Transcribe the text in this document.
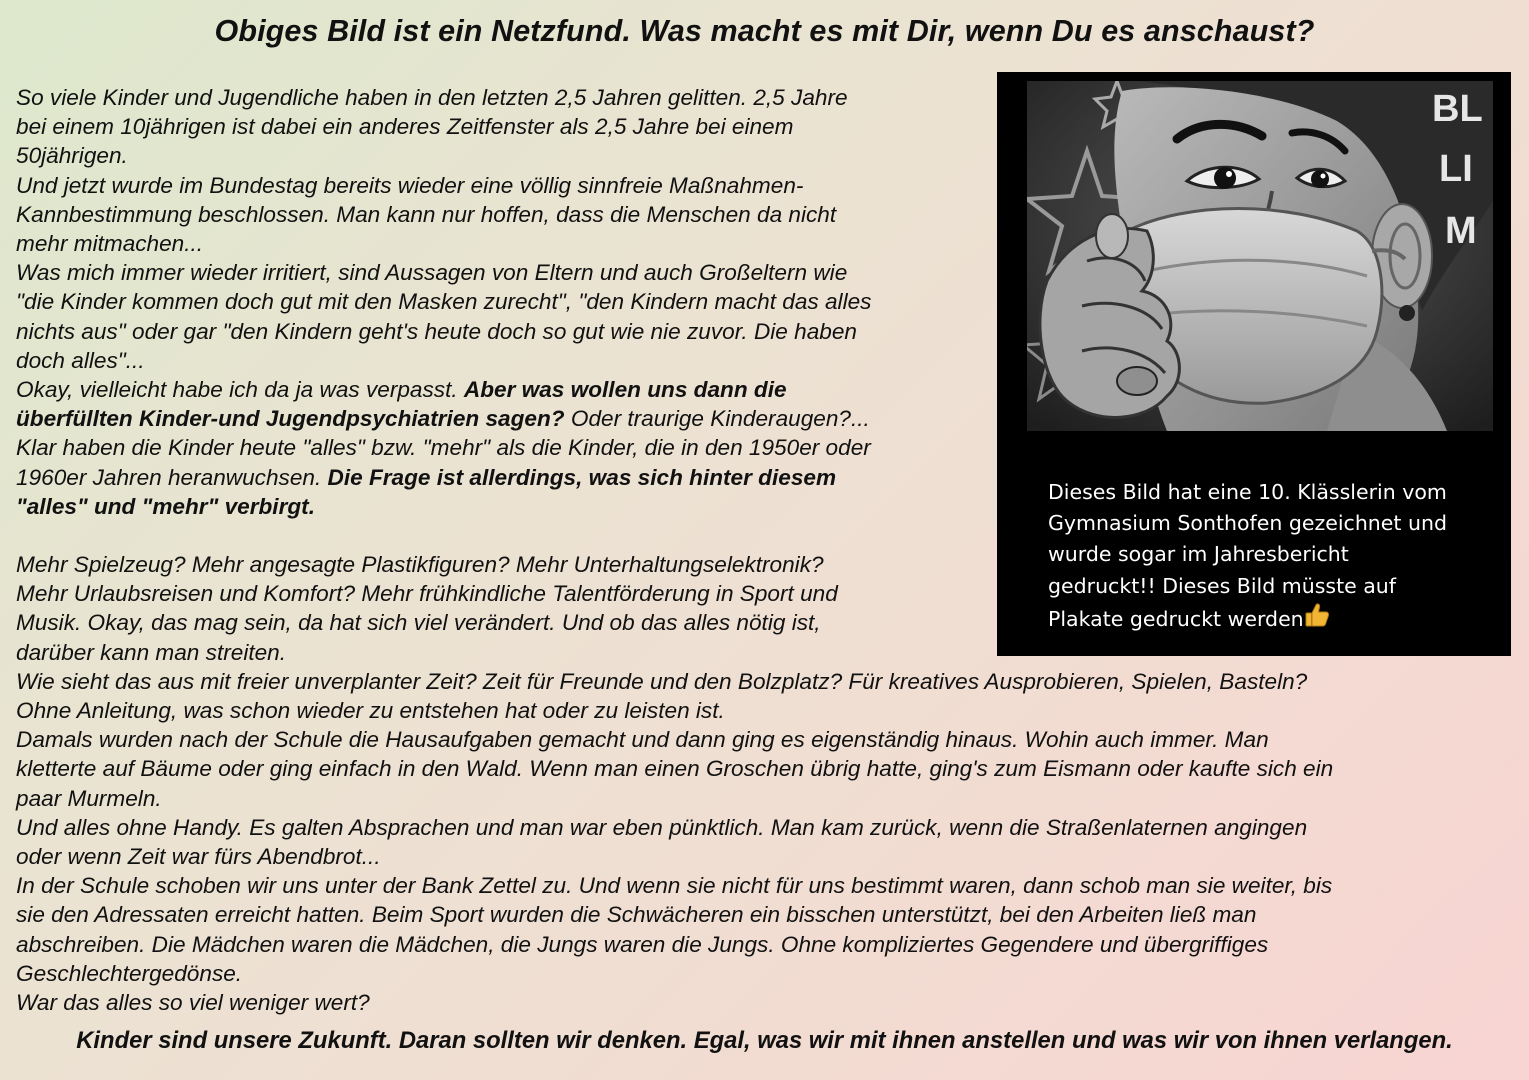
Obiges Bild ist ein Netzfund. Was macht es mit Dir, wenn Du es anschaust?
So viele Kinder und Jugendliche haben in den letzten 2,5 Jahren gelitten. 2,5 Jahre
bei einem 10jährigen ist dabei ein anderes Zeitfenster als 2,5 Jahre bei einem
50jährigen.
Und jetzt wurde im Bundestag bereits wieder eine völlig sinnfreie Maßnahmen-
Kannbestimmung beschlossen. Man kann nur hoffen, dass die Menschen da nicht
mehr mitmachen...
Was mich immer wieder irritiert, sind Aussagen von Eltern und auch Großeltern wie
"die Kinder kommen doch gut mit den Masken zurecht", "den Kindern macht das alles
nichts aus" oder gar "den Kindern geht's heute doch so gut wie nie zuvor. Die haben
doch alles"...
Okay, vielleicht habe ich da ja was verpasst. Aber was wollen uns dann die
überfüllten Kinder-und Jugendpsychiatrien sagen? Oder traurige Kinderaugen?...
Klar haben die Kinder heute "alles" bzw. "mehr" als die Kinder, die in den 1950er oder
1960er Jahren heranwuchsen. Die Frage ist allerdings, was sich hinter diesem
"alles" und "mehr" verbirgt.
BL
LI
M
Dieses Bild hat eine 10. Klässlerin vom
Gymnasium Sonthofen gezeichnet und
wurde sogar im Jahresbericht
gedruckt!! Dieses Bild müsste auf
Plakate gedruckt werden
Mehr Spielzeug? Mehr angesagte Plastikfiguren? Mehr Unterhaltungselektronik?
Mehr Urlaubsreisen und Komfort? Mehr frühkindliche Talentförderung in Sport und
Musik. Okay, das mag sein, da hat sich viel verändert. Und ob das alles nötig ist,
darüber kann man streiten.
Wie sieht das aus mit freier unverplanter Zeit? Zeit für Freunde und den Bolzplatz? Für kreatives Ausprobieren, Spielen, Basteln?
Ohne Anleitung, was schon wieder zu entstehen hat oder zu leisten ist.
Damals wurden nach der Schule die Hausaufgaben gemacht und dann ging es eigenständig hinaus. Wohin auch immer. Man
kletterte auf Bäume oder ging einfach in den Wald. Wenn man einen Groschen übrig hatte, ging's zum Eismann oder kaufte sich ein
paar Murmeln.
Und alles ohne Handy. Es galten Absprachen und man war eben pünktlich. Man kam zurück, wenn die Straßenlaternen angingen
oder wenn Zeit war fürs Abendbrot...
In der Schule schoben wir uns unter der Bank Zettel zu. Und wenn sie nicht für uns bestimmt waren, dann schob man sie weiter, bis
sie den Adressaten erreicht hatten. Beim Sport wurden die Schwächeren ein bisschen unterstützt, bei den Arbeiten ließ man
abschreiben. Die Mädchen waren die Mädchen, die Jungs waren die Jungs. Ohne kompliziertes Gegendere und übergriffiges
Geschlechtergedönse.
War das alles so viel weniger wert?

Kinder sind unsere Zukunft. Daran sollten wir denken. Egal, was wir mit ihnen anstellen und was wir von ihnen verlangen.
